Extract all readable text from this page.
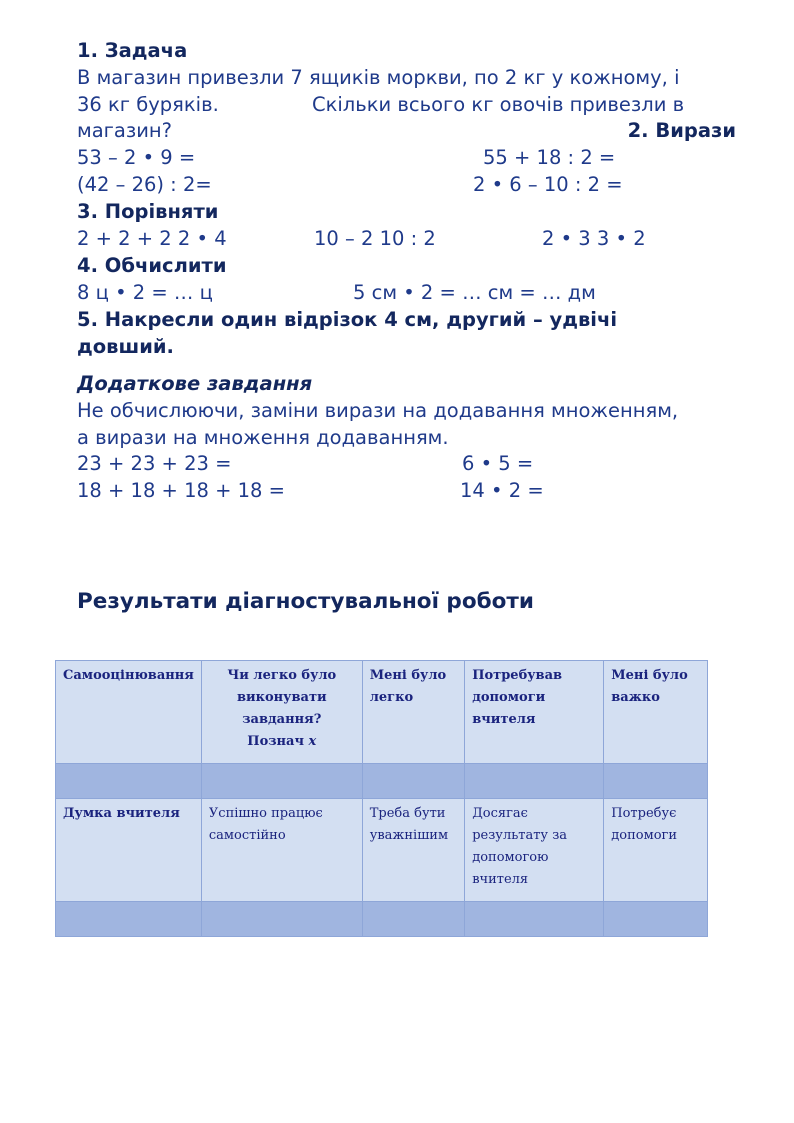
1. Задача
В магазин привезли 7 ящиків моркви, по 2 кг у кожному, і
36 кг буряків.	Скільки всього кг овочів привезли в
магазин?	2. Вирази
53 – 2 • 9 =	55 + 18 : 2 =
(42 – 26) : 2=	2 • 6 – 10 : 2 =
3. Порівняти
2 + 2 + 2 2 • 4	10 – 2 10 : 2	2 • 3 3 • 2
4. Обчислити
8 ц • 2 = … ц	5 см • 2 = … см = … дм
5. Накресли один відрізок 4 см, другий – удвічі
довший.
Додаткове завдання
Не обчислюючи, заміни вирази на додавання множенням,
а вирази на множення додаванням.
23 + 23 + 23 =	6 • 5 =
18 + 18 + 18 + 18 =	14 • 2 =
Результати діагностувальної роботи
Самооцінювання	Чи легко було
виконувати
завдання?
Познач х	Мені було легко	Потребував допомоги вчителя	Мені було важко

Думка вчителя	Успішно працює самостійно	Треба бути уважнішим	Досягає результату за допомогою вчителя	Потребує допомоги
